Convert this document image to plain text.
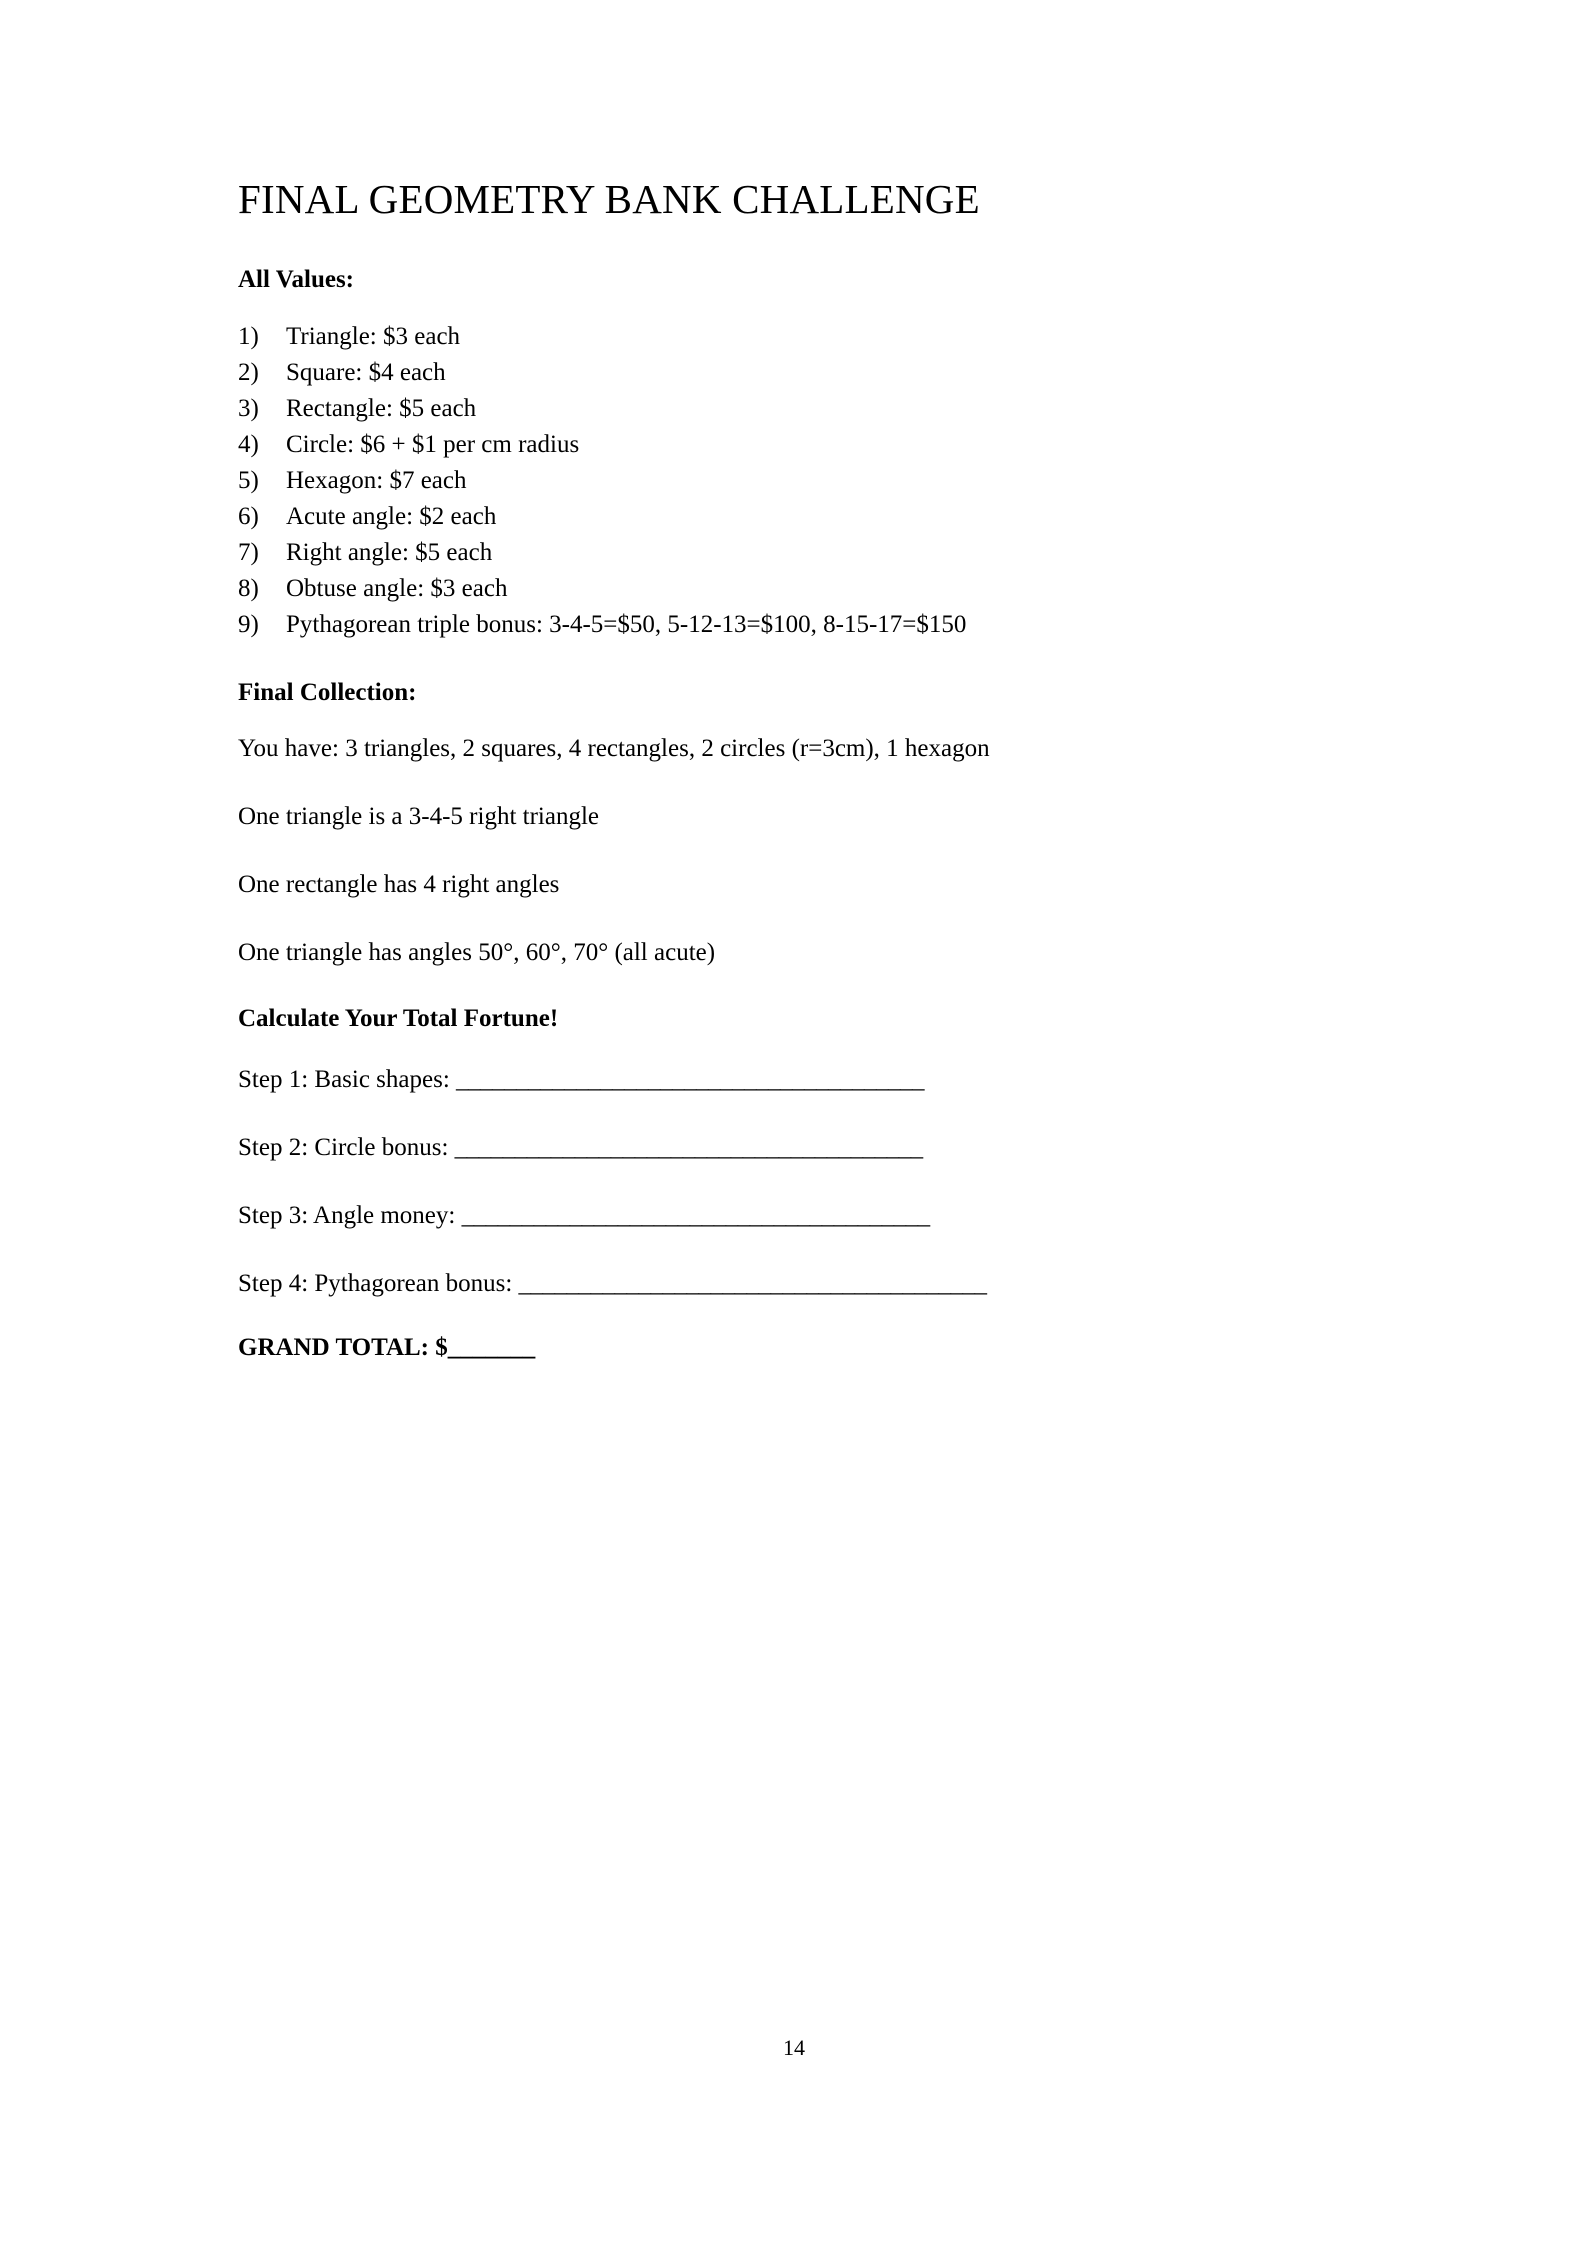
FINAL GEOMETRY BANK CHALLENGE
All Values:
1)	Triangle: $3 each
2)	Square: $4 each
3)	Rectangle: $5 each
4)	Circle: $6 + $1 per cm radius
5)	Hexagon: $7 each
6)	Acute angle: $2 each
7)	Right angle: $5 each
8)	Obtuse angle: $3 each
9)	Pythagorean triple bonus: 3-4-5=$50, 5-12-13=$100, 8-15-17=$150
Final Collection:

You have: 3 triangles, 2 squares, 4 rectangles, 2 circles (r=3cm), 1 hexagon

One triangle is a 3-4-5 right triangle

One rectangle has 4 right angles

One triangle has angles 50°, 60°, 70° (all acute)

Calculate Your Total Fortune!

Step 1: Basic shapes: _______________________________________

Step 2: Circle bonus: _______________________________________

Step 3: Angle money: _______________________________________

Step 4: Pythagorean bonus: _______________________________________

GRAND TOTAL: $_______

14
